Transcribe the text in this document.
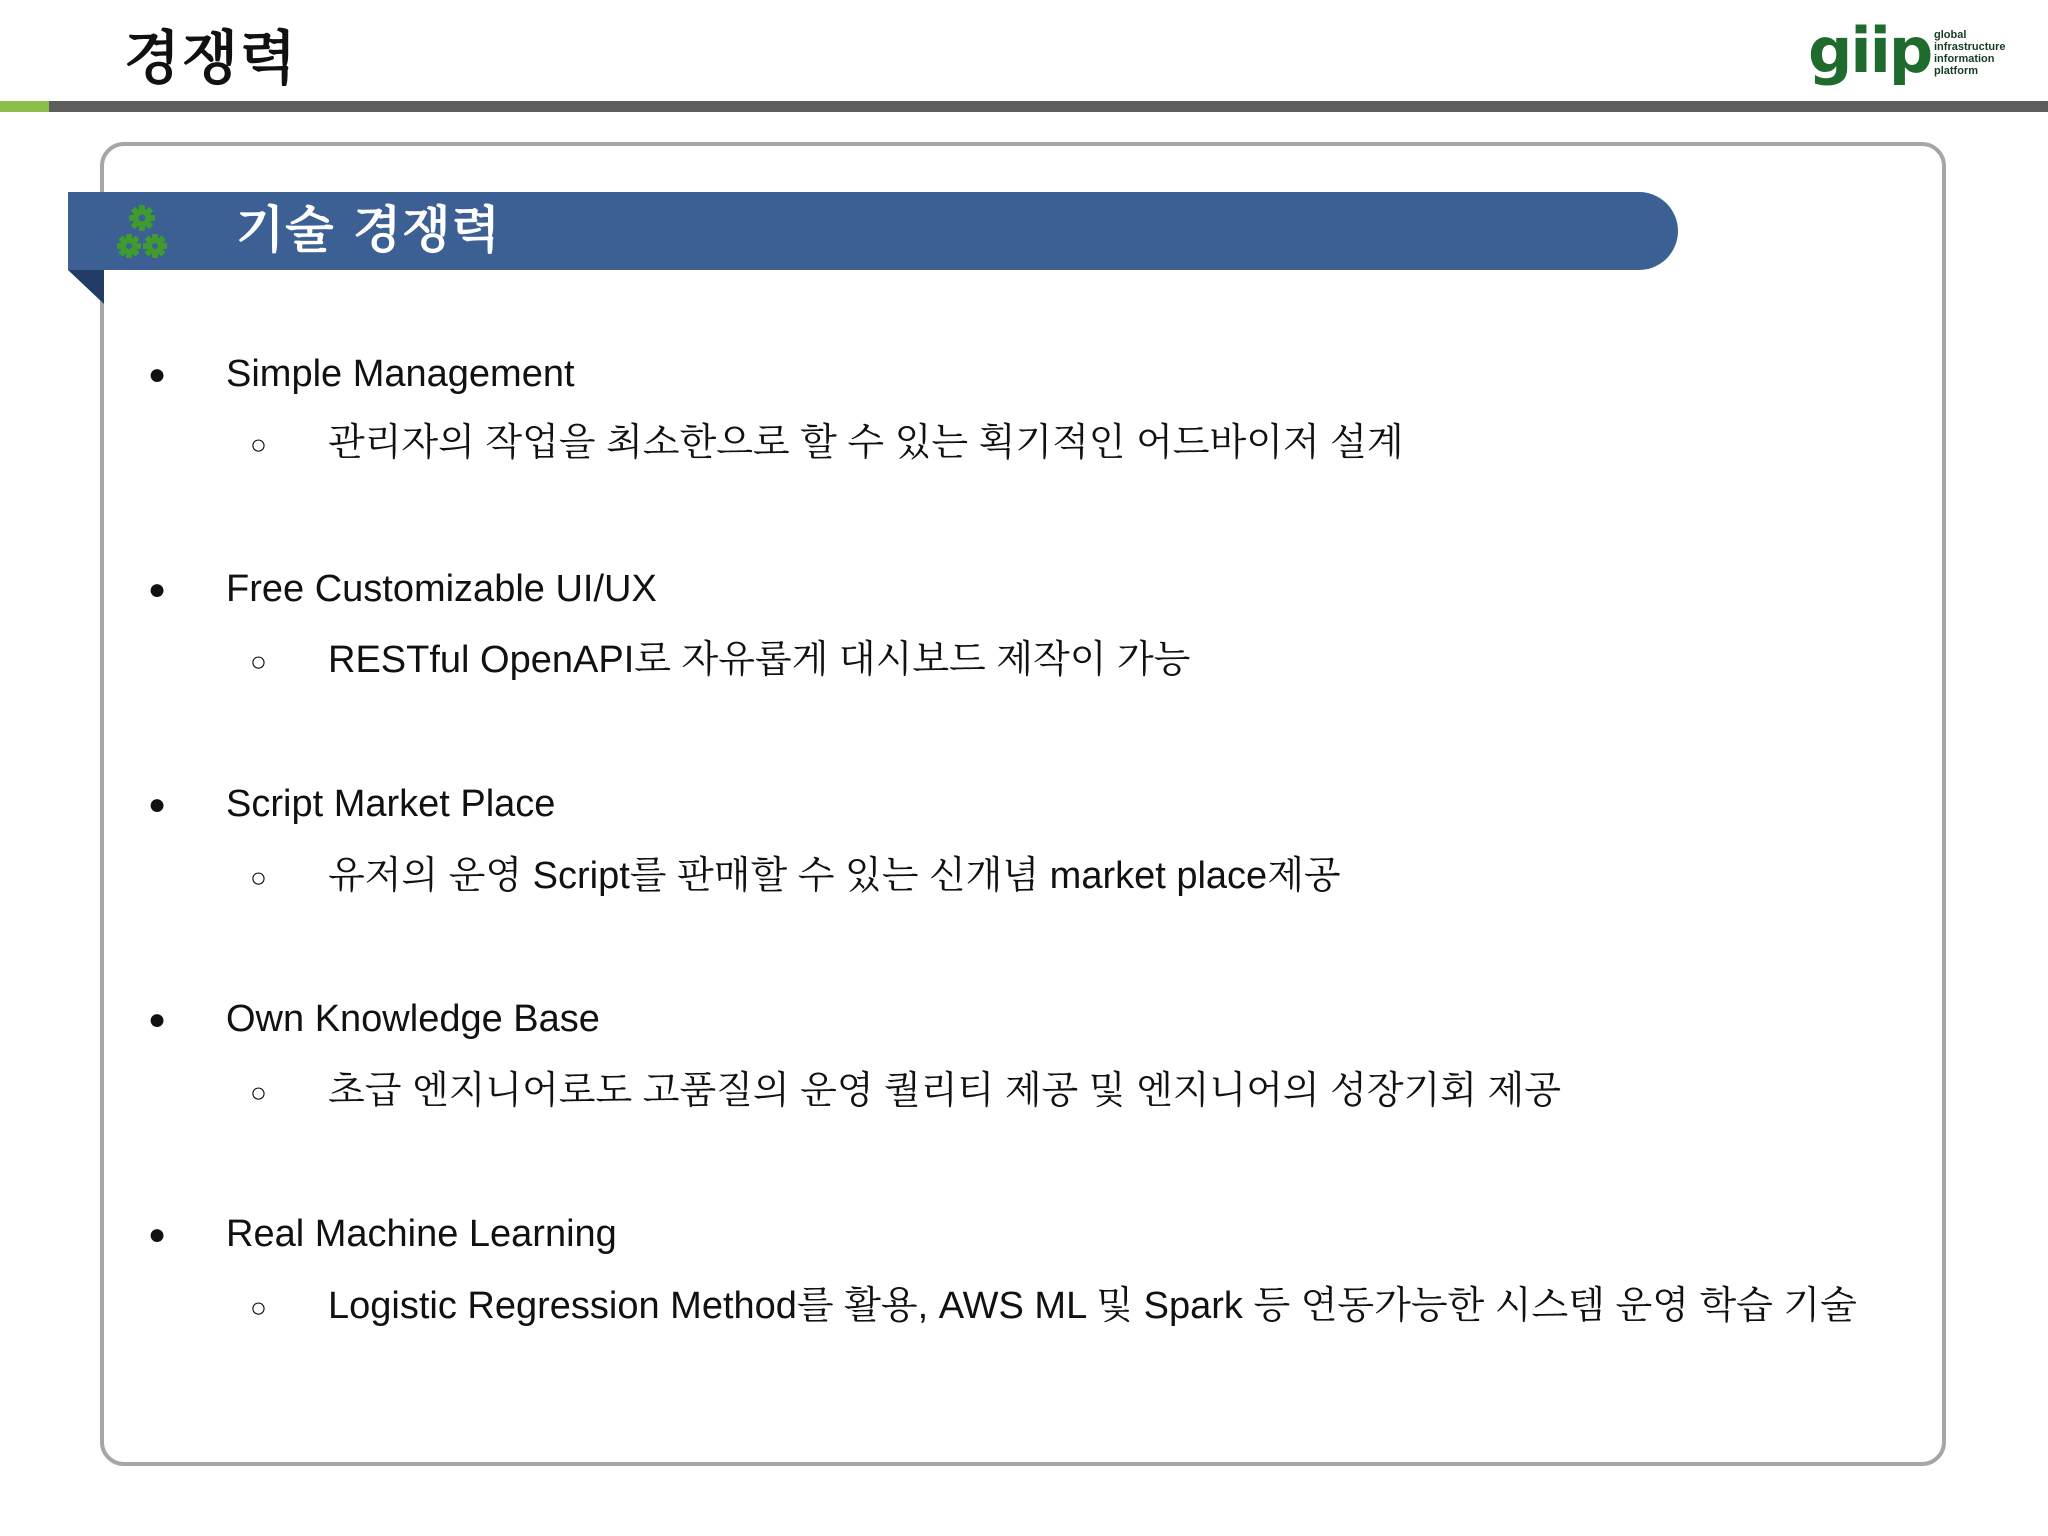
경쟁력	giip global
infrastructure
information
platform
기술 경쟁력
● Simple Management
○ 관리자의 작업을 최소한으로 할 수 있는 획기적인 어드바이저 설계
● Free Customizable UI/UX
○ RESTful OpenAPI로 자유롭게 대시보드 제작이 가능
● Script Market Place
○ 유저의 운영 Script를 판매할 수 있는 신개념 market place제공
● Own Knowledge Base
○ 초급 엔지니어로도 고품질의 운영 퀄리티 제공 및 엔지니어의 성장기회 제공
● Real Machine Learning
○ Logistic Regression Method를 활용, AWS ML 및 Spark 등 연동가능한 시스템 운영 학습 기술
